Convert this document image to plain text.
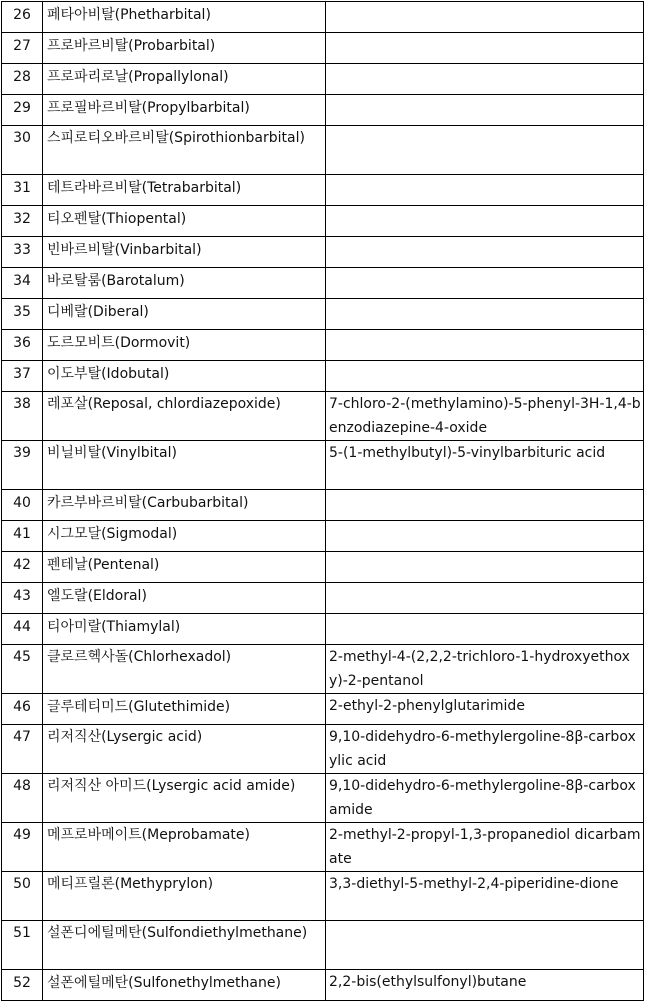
26	페타아비탈(Phetharbital)	
27	프로바르비탈(Probarbital)	
28	프로파리로날(Propallylonal)	
29	프로필바르비탈(Propylbarbital)	
30	스피로티오바르비탈(Spirothionbarbital)	
31	테트라바르비탈(Tetrabarbital)	
32	티오펜탈(Thiopental)	
33	빈바르비탈(Vinbarbital)	
34	바로탈룸(Barotalum)	
35	디베랄(Diberal)	
36	도르모비트(Dormovit)	
37	이도부탈(Idobutal)	
38	레포살(Reposal, chlordiazepoxide)	7-chloro-2-(methylamino)-5-phenyl-3H-1,4-benzodiazepine-4-oxide
39	비닐비탈(Vinylbital)	5-(1-methylbutyl)-5-vinylbarbituric acid
40	카르부바르비탈(Carbubarbital)	
41	시그모달(Sigmodal)	
42	펜테날(Pentenal)	
43	엘도랄(Eldoral)	
44	티아미랄(Thiamylal)	
45	클로르헥사돌(Chlorhexadol)	2-methyl-4-(2,2,2-trichloro-1-hydroxyethoxy)-2-pentanol
46	글루테티미드(Glutethimide)	2-ethyl-2-phenylglutarimide
47	리저직산(Lysergic acid)	9,10-didehydro-6-methylergoline-8β-carboxylic acid
48	리저직산 아미드(Lysergic acid amide)	9,10-didehydro-6-methylergoline-8β-carboxamide
49	메프로바메이트(Meprobamate)	2-methyl-2-propyl-1,3-propanediol dicarbamate
50	메티프릴론(Methyprylon)	3,3-diethyl-5-methyl-2,4-piperidine-dione
51	설폰디에틸메탄(Sulfondiethylmethane)	
52	설폰에틸메탄(Sulfonethylmethane)	2,2-bis(ethylsulfonyl)butane
